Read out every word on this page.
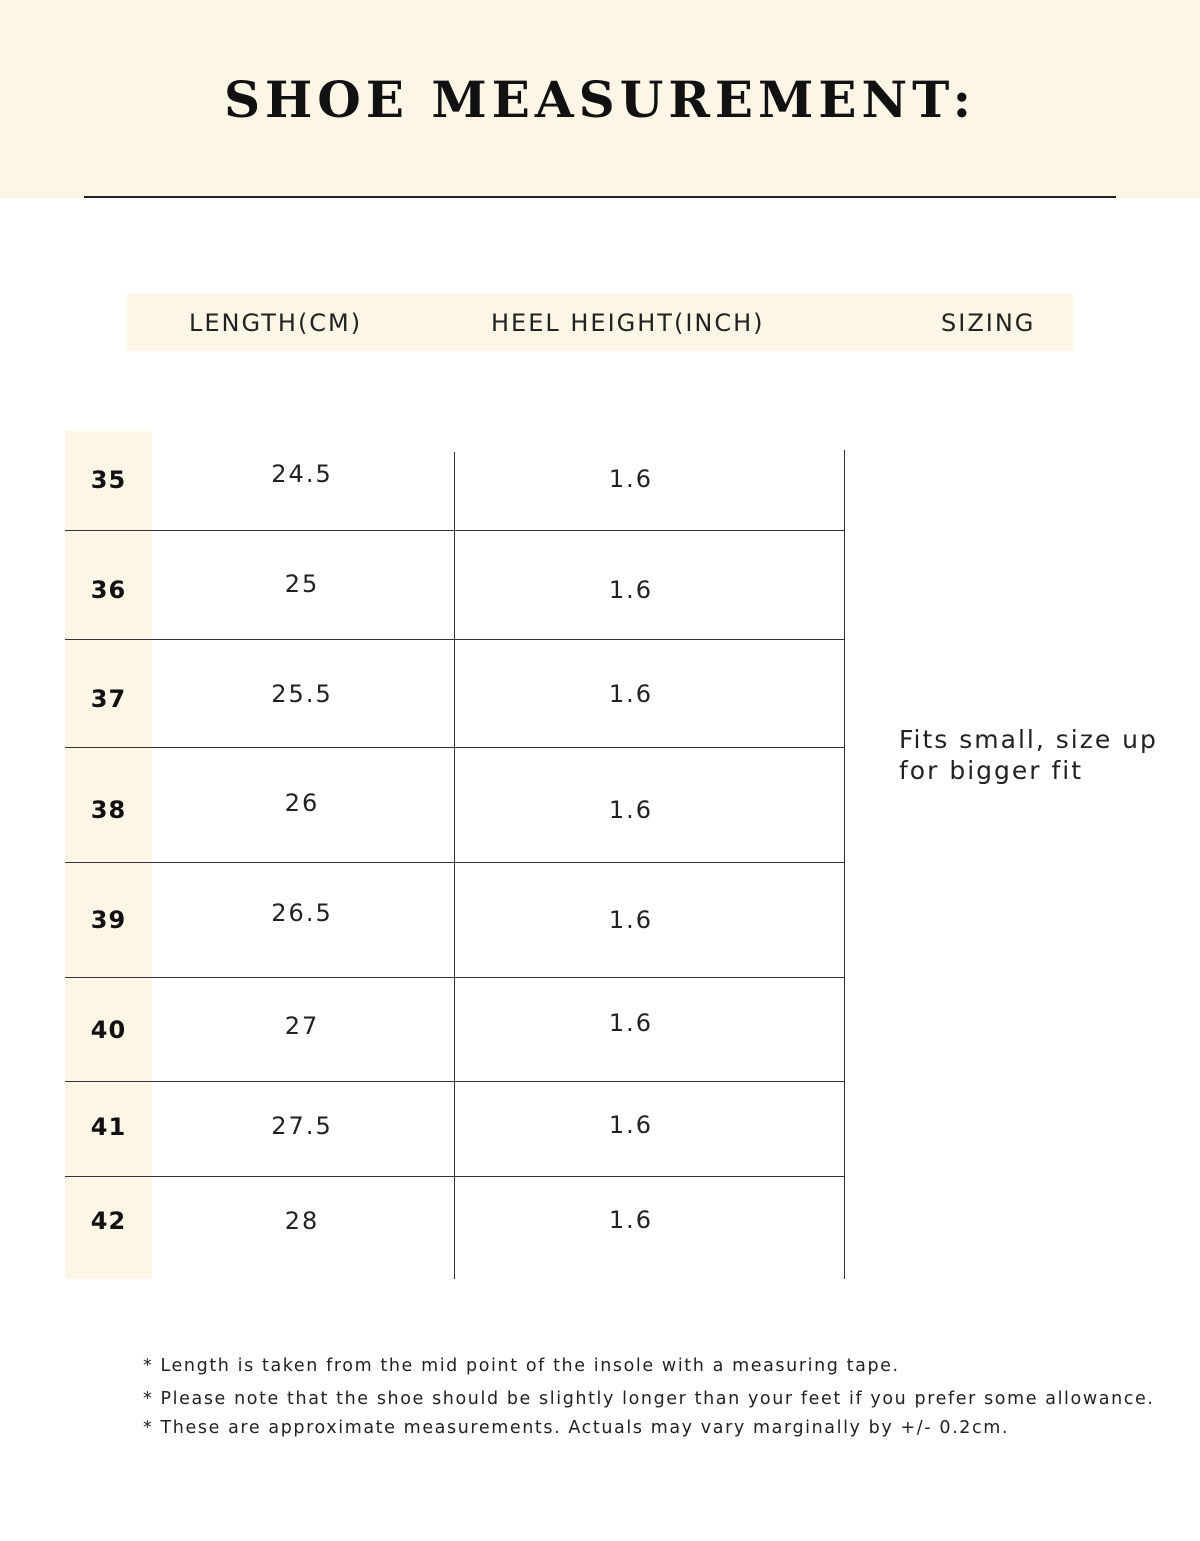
SHOE MEASUREMENT:
LENGTH(CM)	HEEL HEIGHT(INCH)	SIZING
35	24.5	1.6
36	25	1.6
37	25.5	1.6
38	26	1.6
39	26.5	1.6
40	27	1.6
41	27.5	1.6
42	28	1.6
Fits small, size up for bigger fit
* Length is taken from the mid point of the insole with a measuring tape.
* Please note that the shoe should be slightly longer than your feet if you prefer some allowance.
* These are approximate measurements. Actuals may vary marginally by +/- 0.2cm.
